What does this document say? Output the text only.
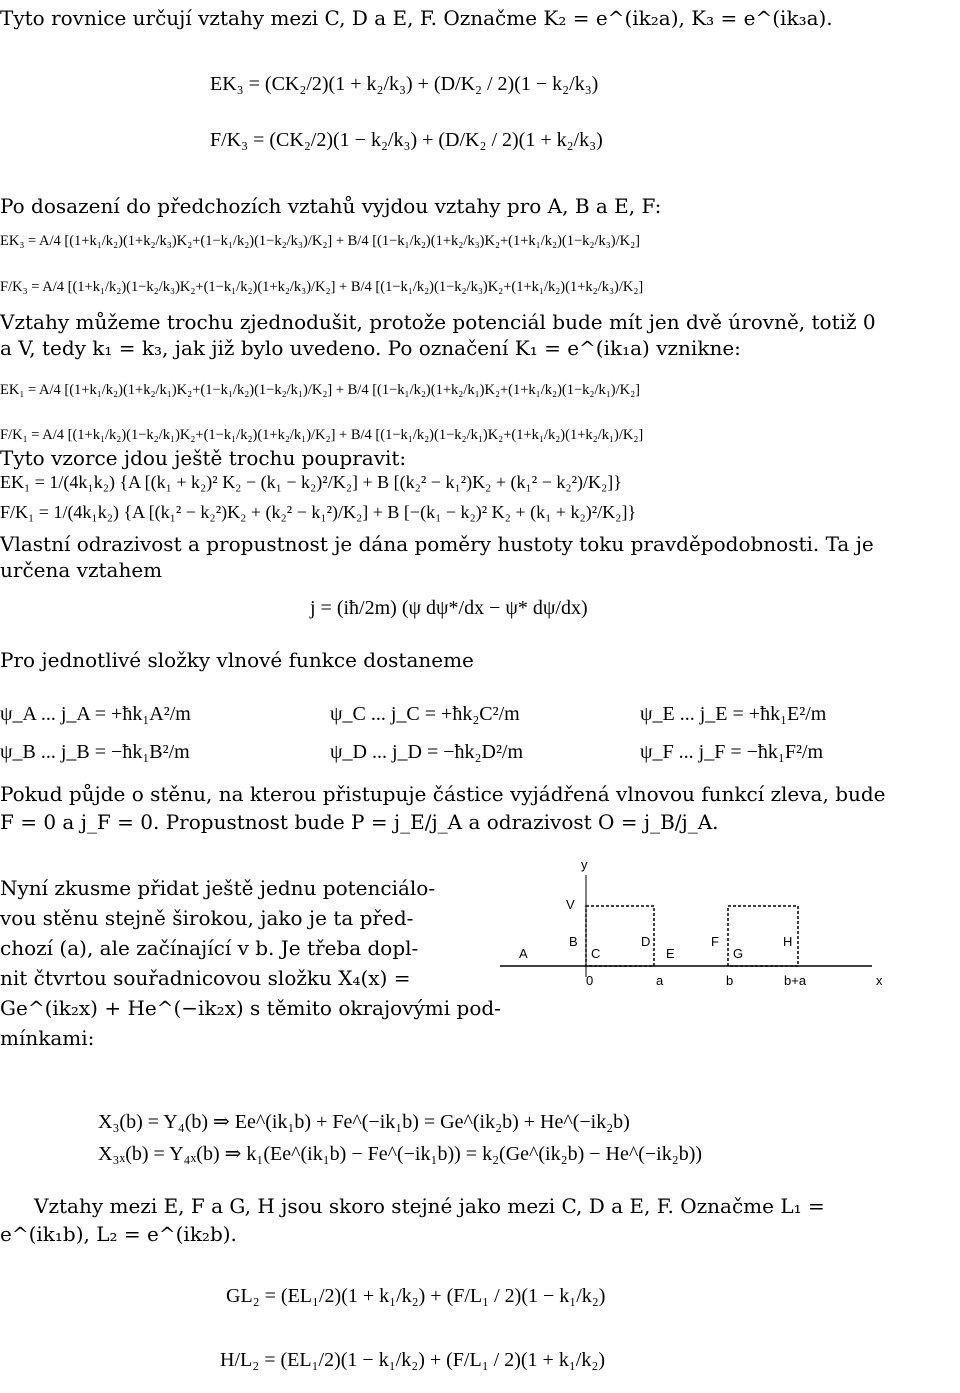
Tyto rovnice určují vztahy mezi C, D a E, F. Označme K₂ = e^(ik₂a), K₃ = e^(ik₃a).
EK₃ = (CK₂/2)(1 + k₂/k₃) + (D/K₂ / 2)(1 − k₂/k₃)
F/K₃ = (CK₂/2)(1 − k₂/k₃) + (D/K₂ / 2)(1 + k₂/k₃)
Po dosazení do předchozích vztahů vyjdou vztahy pro A, B a E, F:
EK₃ = A/4 [(1+k₁/k₂)(1+k₂/k₃)K₂+(1−k₁/k₂)(1−k₂/k₃)/K₂] + B/4 [(1−k₁/k₂)(1+k₂/k₃)K₂+(1+k₁/k₂)(1−k₂/k₃)/K₂]
F/K₃ = A/4 [(1+k₁/k₂)(1−k₂/k₃)K₂+(1−k₁/k₂)(1+k₂/k₃)/K₂] + B/4 [(1−k₁/k₂)(1−k₂/k₃)K₂+(1+k₁/k₂)(1+k₂/k₃)/K₂]
Vztahy můžeme trochu zjednodušit, protože potenciál bude mít jen dvě úrovně, totiž 0
a V, tedy k₁ = k₃, jak již bylo uvedeno. Po označení K₁ = e^(ik₁a) vznikne:
EK₁ = A/4 [(1+k₁/k₂)(1+k₂/k₁)K₂+(1−k₁/k₂)(1−k₂/k₁)/K₂] + B/4 [(1−k₁/k₂)(1+k₂/k₁)K₂+(1+k₁/k₂)(1−k₂/k₁)/K₂]
F/K₁ = A/4 [(1+k₁/k₂)(1−k₂/k₁)K₂+(1−k₁/k₂)(1+k₂/k₁)/K₂] + B/4 [(1−k₁/k₂)(1−k₂/k₁)K₂+(1+k₁/k₂)(1+k₂/k₁)/K₂]
Tyto vzorce jdou ještě trochu poupravit:
EK₁ = 1/(4k₁k₂) {A [(k₁ + k₂)² K₂ − (k₁ − k₂)²/K₂] + B [(k₂² − k₁²)K₂ + (k₁² − k₂²)/K₂]}
F/K₁ = 1/(4k₁k₂) {A [(k₁² − k₂²)K₂ + (k₂² − k₁²)/K₂] + B [−(k₁ − k₂)² K₂ + (k₁ + k₂)²/K₂]}
Vlastní odrazivost a propustnost je dána poměry hustoty toku pravděpodobnosti. Ta je
určena vztahem
j = (iħ/2m) (ψ dψ*/dx − ψ* dψ/dx)
Pro jednotlivé složky vlnové funkce dostaneme
ψ_A ... j_A = +ħk₁A²/m
ψ_B ... j_B = −ħk₁B²/m
ψ_C ... j_C = +ħk₂C²/m
ψ_D ... j_D = −ħk₂D²/m
ψ_E ... j_E = +ħk₁E²/m
ψ_F ... j_F = −ħk₁F²/m
Pokud půjde o stěnu, na kterou přistupuje částice vyjádřená vlnovou funkcí zleva, bude
F = 0 a j_F = 0. Propustnost bude P = j_E/j_A a odrazivost O = j_B/j_A.
Nyní zkusme přidat ještě jednu potenciálo-
vou stěnu stejně širokou, jako je ta před-
chozí (a), ale začínající v b. Je třeba dopl-
nit čtvrtou souřadnicovou složku X₄(x) =
Ge^(ik₂x) + He^(−ik₂x) s těmito okrajovými pod-
mínkami:
y
V
A
B
C
D
E
F
G
H
0	a	b	b+a	x
X₃(b) = Y₄(b) ⇒ Ee^(ik₁b) + Fe^(−ik₁b) = Ge^(ik₂b) + He^(−ik₂b)
X₃ₓ(b) = Y₄ₓ(b) ⇒ k₁(Ee^(ik₁b) − Fe^(−ik₁b)) = k₂(Ge^(ik₂b) − He^(−ik₂b))
Vztahy mezi E, F a G, H jsou skoro stejné jako mezi C, D a E, F. Označme L₁ =
e^(ik₁b), L₂ = e^(ik₂b).
GL₂ = (EL₁/2)(1 + k₁/k₂) + (F/L₁ / 2)(1 − k₁/k₂)
H/L₂ = (EL₁/2)(1 − k₁/k₂) + (F/L₁ / 2)(1 + k₁/k₂)
